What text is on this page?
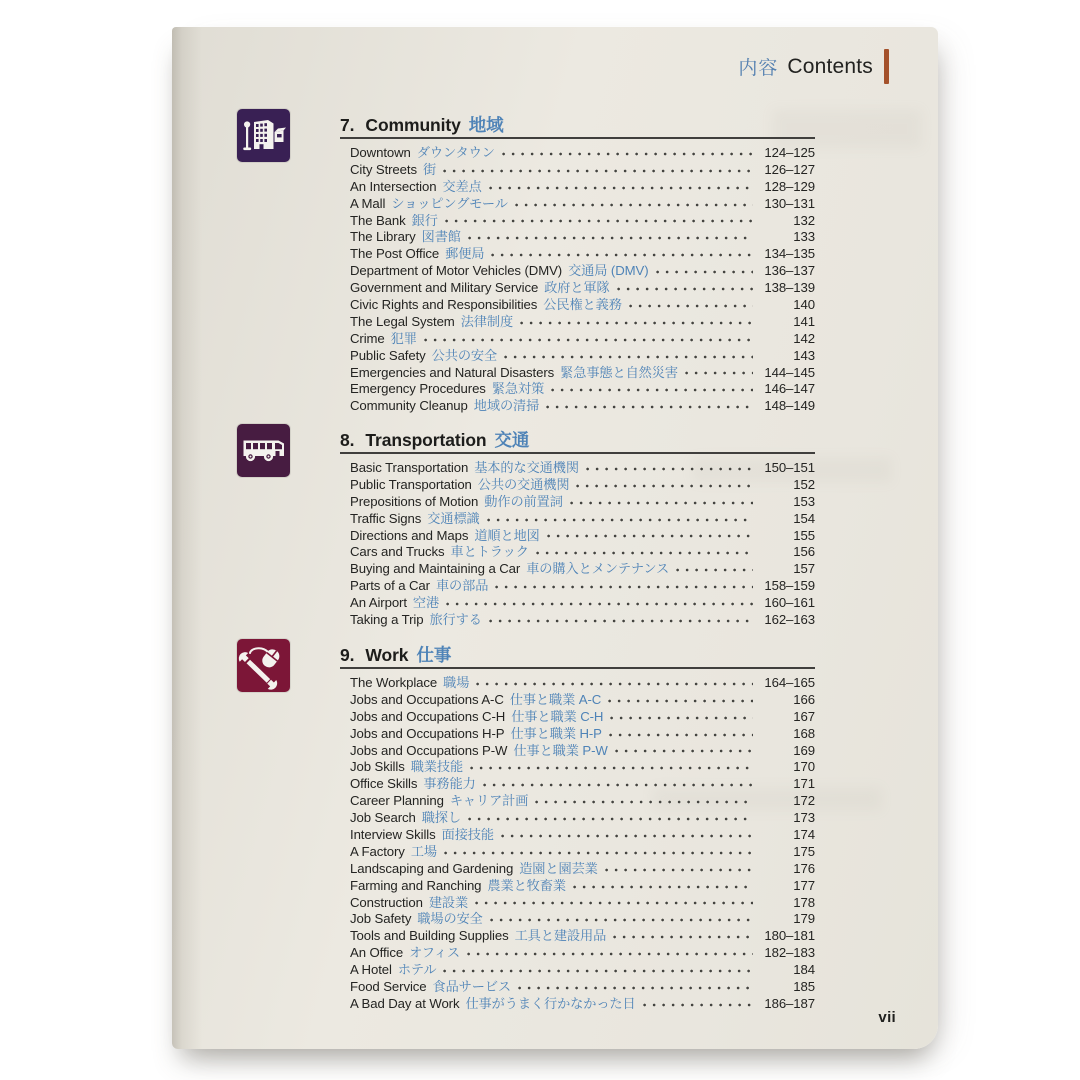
内容 Contents
7. Community 地域
Downtown ダウンタウン	124–125
City Streets 街	126–127
An Intersection 交差点	128–129
A Mall ショッピングモール	130–131
The Bank 銀行	132
The Library 図書館	133
The Post Office 郵便局	134–135
Department of Motor Vehicles (DMV) 交通局 (DMV)	136–137
Government and Military Service 政府と軍隊	138–139
Civic Rights and Responsibilities 公民権と義務	140
The Legal System 法律制度	141
Crime 犯罪	142
Public Safety 公共の安全	143
Emergencies and Natural Disasters 緊急事態と自然災害	144–145
Emergency Procedures 緊急対策	146–147
Community Cleanup 地域の清掃	148–149
8. Transportation 交通
Basic Transportation 基本的な交通機関	150–151
Public Transportation 公共の交通機関	152
Prepositions of Motion 動作の前置詞	153
Traffic Signs 交通標識	154
Directions and Maps 道順と地図	155
Cars and Trucks 車とトラック	156
Buying and Maintaining a Car 車の購入とメンテナンス	157
Parts of a Car 車の部品	158–159
An Airport 空港	160–161
Taking a Trip 旅行する	162–163
9. Work 仕事
The Workplace 職場	164–165
Jobs and Occupations A-C 仕事と職業 A-C	166
Jobs and Occupations C-H 仕事と職業 C-H	167
Jobs and Occupations H-P 仕事と職業 H-P	168
Jobs and Occupations P-W 仕事と職業 P-W	169
Job Skills 職業技能	170
Office Skills 事務能力	171
Career Planning キャリア計画	172
Job Search 職探し	173
Interview Skills 面接技能	174
A Factory 工場	175
Landscaping and Gardening 造園と園芸業	176
Farming and Ranching 農業と牧畜業	177
Construction 建設業	178
Job Safety 職場の安全	179
Tools and Building Supplies 工具と建設用品	180–181
An Office オフィス	182–183
A Hotel ホテル	184
Food Service 食品サービス	185
A Bad Day at Work 仕事がうまく行かなかった日	186–187
vii
